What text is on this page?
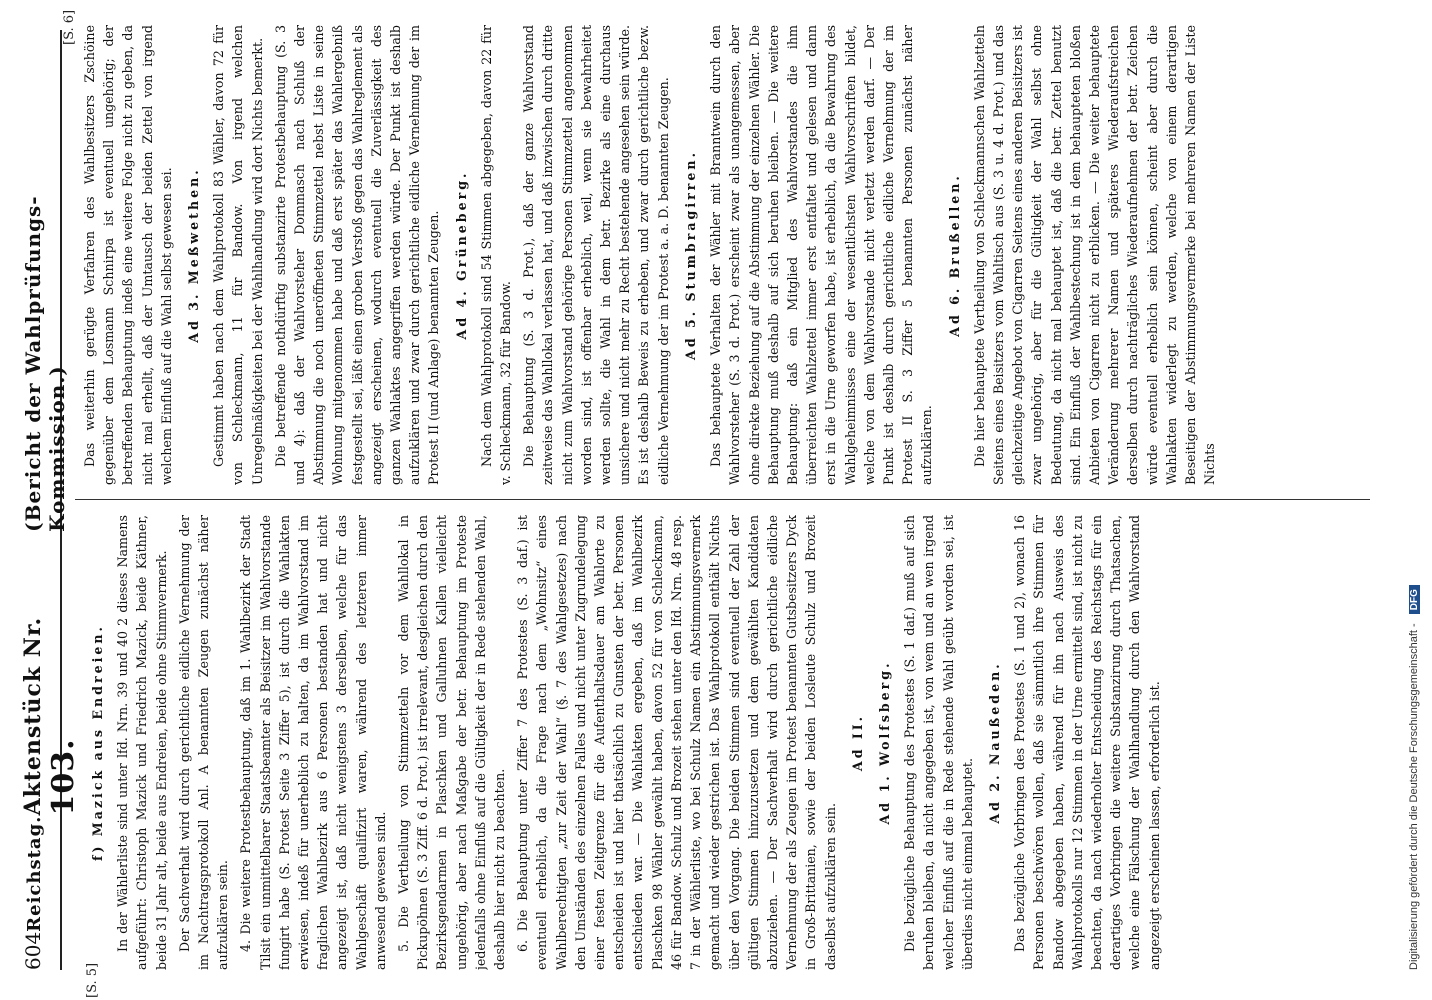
604
Reichstag.
Aktenstück Nr. 103.
(Bericht der Wahlprüfungs-Kommission.)
[S. 5]
[S. 6]
f) Mazick aus Endreien. In der Wählerliste sind unter lfd. Nrn. 39 und 40 2 dieses Namens aufgeführt: Christoph Mazick und Friedrich Mazick, beide Käthner, beide 31 Jahr alt, beide aus Endreien, beide ohne Stimmvermerk. Der Sachverhalt wird durch gerichtliche eidliche Vernehmung der im Nachtragsprotokoll Anl. A benannten Zeugen zunächst näher aufzuklären sein. 4. Die weitere Protestbehauptung, daß im 1. Wahlbezirk der Stadt Tilsit ein unmittelbarer Staatsbeamter als Beisitzer im Wahlvorstande fungirt habe (S. Protest Seite 3 Ziffer 5), ist durch die Wahlakten erwiesen, indeß für unerheblich zu halten, da im Wahlvorstand im fraglichen Wahlbezirk aus 6 Personen bestanden hat und nicht angezeigt ist, daß nicht wenigstens 3 derselben, welche für das Wahlgeschäft qualifizirt waren, während des letzteren immer anwesend gewesen sind. 5. Die Vertheilung von Stimmzetteln vor dem Wahllokal in Pickupöhnen (S. 3 Ziff. 6 d. Prot.) ist irrelevant, desgleichen durch den Bezirksgendarmen in Plaschken und Galluhnen Kallen vielleicht ungehörig, aber nach Maßgabe der betr. Behauptung im Proteste jedenfalls ohne Einfluß auf die Gültigkeit der in Rede stehenden Wahl, deshalb hier nicht zu beachten. 6. Die Behauptung unter Ziffer 7 des Protestes (S. 3 daf.) ist eventuell erheblich, da die Frage nach dem „Wohnsitz“ eines Wahlberechtigten „zur Zeit der Wahl“ (§. 7 des Wahlgesetzes) nach den Umständen des einzelnen Falles und nicht unter Zugrundelegung einer festen Zeitgrenze für die Aufenthaltsdauer am Wahlorte zu entscheiden ist und hier thatsächlich zu Gunsten der betr. Personen entschieden war. — Die Wahlakten ergeben, daß im Wahlbezirk Plaschken 98 Wähler gewählt haben, davon 52 für von Schleckmann, 46 für Bandow. Schulz und Brozeit stehen unter den lfd. Nrn. 48 resp. 7 in der Wählerliste, wo bei Schulz Namen ein Abstimmungsvermerk gemacht und wieder gestrichen ist. Das Wahlprotokoll enthält Nichts über den Vorgang. Die beiden Stimmen sind eventuell der Zahl der gültigen Stimmen hinzuzusetzen und dem gewählten Kandidaten abzuziehen. — Der Sachverhalt wird durch gerichtliche eidliche Vernehmung der als Zeugen im Protest benannten Gutsbesitzers Dyck in Groß-Brittanien, sowie der beiden Losleute Schulz und Brozeit daselbst aufzuklären sein.

Ad II. Ad 1. Wolfsberg. Die bezügliche Behauptung des Protestes (S. 1 daf.) muß auf sich beruhen bleiben, da nicht angegeben ist, von wem und an wen irgend welcher Einfluß auf die in Rede stehende Wahl geübt worden sei, ist überdies nicht einmal behauptet.

Ad 2. Naußeden. Das bezügliche Vorbringen des Protestes (S. 1 und 2), wonach 16 Personen beschwören wollen, daß sie sämmtlich ihre Stimmen für Bandow abgegeben haben, während für ihn nach Ausweis des Wahlprotokolls nur 12 Stimmen in der Urne ermittelt sind, ist nicht zu beachten, da nach wiederholter Entscheidung des Reichstags für ein derartiges Vorbringen die weitere Substanzirung durch Thatsachen, welche eine Fälschung der Wahlhandlung durch den Wahlvorstand angezeigt erscheinen lassen, erforderlich ist.

Das weiterhin gerügte Verfahren des Wahlbesitzers Zschöine gegenüber dem Losmann Schnirpa ist eventuell ungehörig; der betreffenden Behauptung indeß eine weitere Folge nicht zu geben, da nicht mal erhellt, daß der Umtausch der beiden Zettel von irgend welchem Einfluß auf die Wahl selbst gewesen sei. Ad 3. Meßwethen. Gestimmt haben nach dem Wahlprotokoll 83 Wähler, davon 72 für von Schleckmann, 11 für Bandow. Von irgend welchen Unregelmäßigkeiten bei der Wahlhandlung wird dort Nichts bemerkt. Die betreffende nothdürftig substanzirte Protestbehauptung (S. 3 und 4): daß der Wahlvorsteher Dommasch nach Schluß der Abstimmung die noch uneröffneten Stimmzettel nebst Liste in seine Wohnung mitgenommen habe und daß erst später das Wahlergebniß festgestellt sei, läßt einen groben Verstoß gegen das Wahlreglement als angezeigt erscheinen, wodurch eventuell die Zuverlässigkeit des ganzen Wahlaktes angegriffen werden würde. Der Punkt ist deshalb aufzuklären und zwar durch gerichtliche eidliche Vernehmung der im Protest II (und Anlage) benannten Zeugen. Ad 4. Grüneberg. Nach dem Wahlprotokoll sind 54 Stimmen abgegeben, davon 22 für v. Schleckmann, 32 für Bandow. Die Behauptung (S. 3 d. Prot.), daß der ganze Wahlvorstand zeitweise das Wahllokal verlassen hat, und daß inzwischen durch dritte nicht zum Wahlvorstand gehörige Personen Stimmzettel angenommen worden sind, ist offenbar erheblich, weil, wenn sie bewahrheitet werden sollte, die Wahl in dem betr. Bezirke als eine durchaus unsichere und nicht mehr zu Recht bestehende angesehen sein würde. Es ist deshalb Beweis zu erheben, und zwar durch gerichtliche bezw. eidliche Vernehmung der im Protest a. a. D. benannten Zeugen. Ad 5. Stumbragirren. Das behauptete Verhalten der Wähler mit Branntwein durch den Wahlvorsteher (S. 3 d. Prot.) erscheint zwar als unangemessen, aber ohne direkte Beziehung auf die Abstimmung der einzelnen Wähler. Die Behauptung muß deshalb auf sich beruhen bleiben. — Die weitere Behauptung: daß ein Mitglied des Wahlvorstandes die ihm überreichten Wahlzettel immer erst entfaltet und gelesen und dann erst in die Urne geworfen habe, ist erheblich, da die Bewahrung des Wahlgeheimnisses eine der wesentlichsten Wahlvorschriften bildet, welche von dem Wahlvorstande nicht verletzt werden darf. — Der Punkt ist deshalb durch gerichtliche eidliche Vernehmung der im Protest II S. 3 Ziffer 5 benannten Personen zunächst näher aufzuklären.

Ad 6. Brußellen. Die hier behauptete Vertheilung von Schleckmannschen Wahlzetteln Seitens eines Beisitzers vom Wahltisch aus (S. 3 u. 4 d. Prot.) und das gleichzeitige Angebot von Cigarren Seitens eines anderen Beisitzers ist zwar ungehörig, aber für die Gültigkeit der Wahl selbst ohne Bedeutung, da nicht mal behauptet ist, daß die betr. Zettel benutzt sind. Ein Einfluß der Wahlbestechung ist in dem behaupteten bloßen Anbieten von Cigarren nicht zu erblicken. — Die weiter behauptete Veränderung mehrerer Namen und späteres Wiederaufstreichen derselben durch nachträgliches Wiederaufnehmen der betr. Zeichen würde eventuell erheblich sein können, scheint aber durch die Wahlakten widerlegt zu werden, welche von einem derartigen Beseitigen der Abstimmungsvermerke bei mehreren Namen der Liste Nichts

Digitalisierung gefördert durch die Deutsche Forschungsgemeinschaft - DFG
